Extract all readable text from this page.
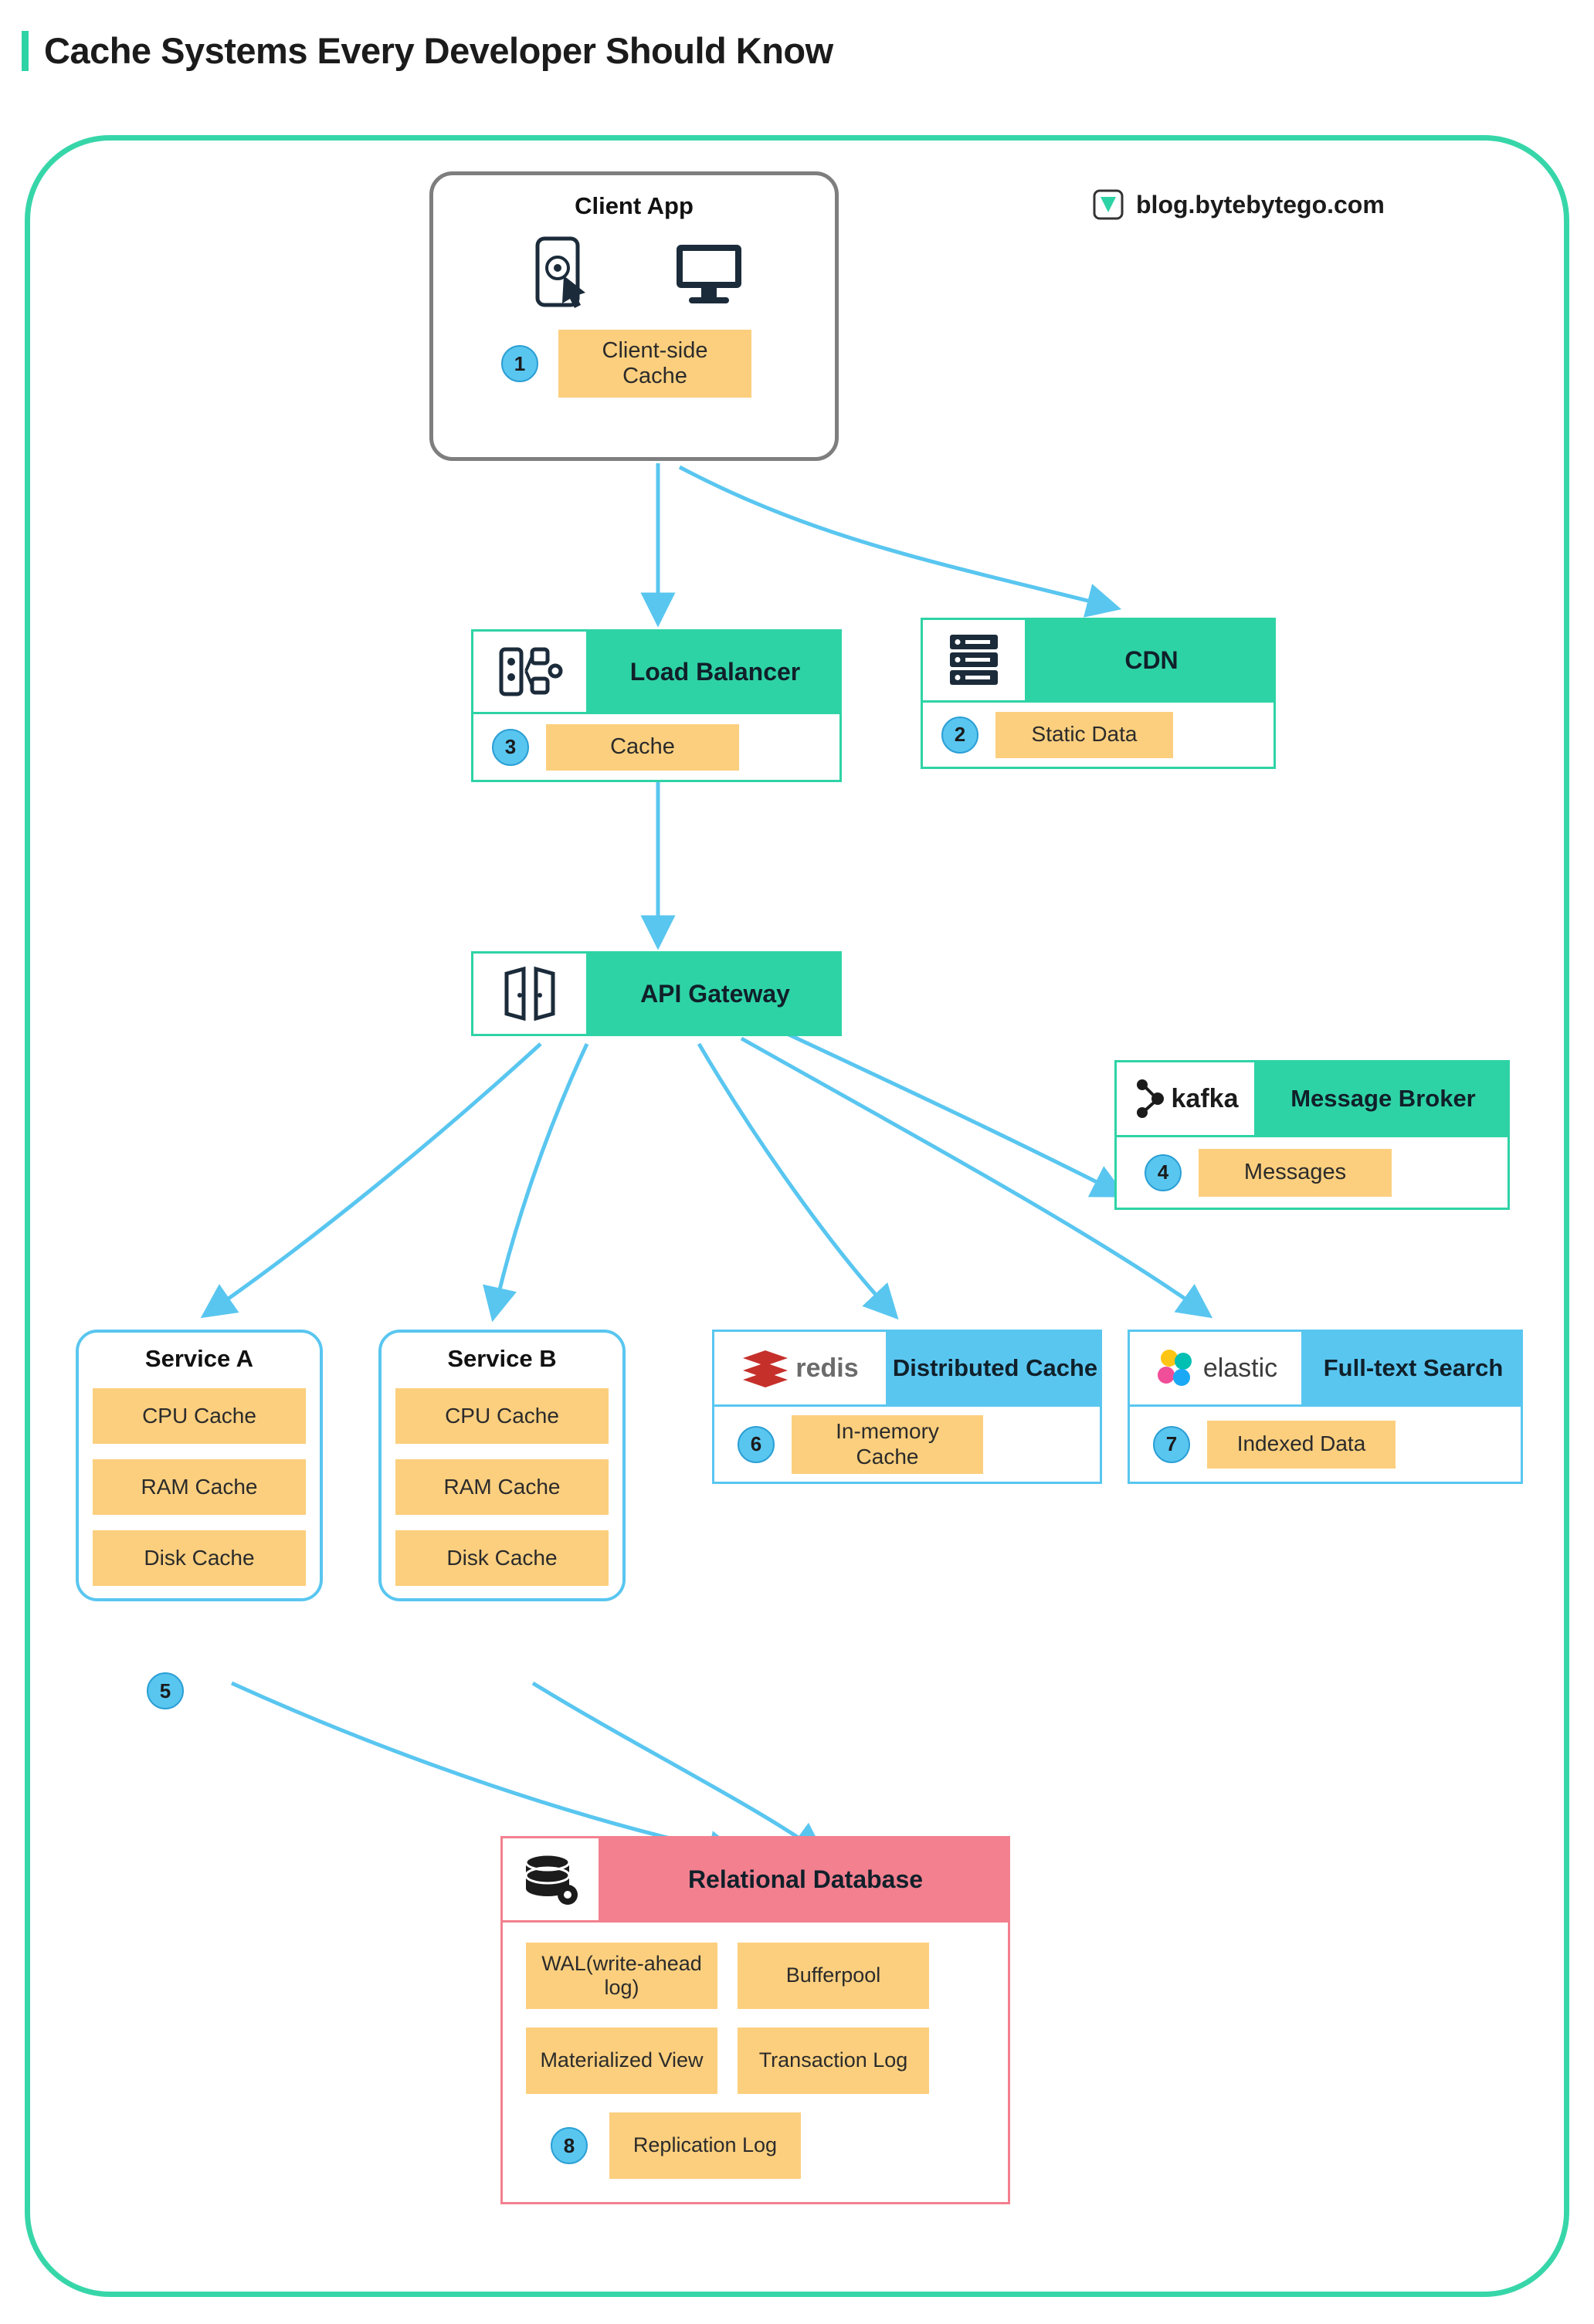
Cache Systems Every Developer Should Know
blog.bytebytego.com
Client App
1
Client-side Cache
Load Balancer
3	Cache
CDN
2	Static Data
API Gateway
kafka	Message Broker
4	Messages
Service A
CPU Cache
RAM Cache
Disk Cache
5
Service B
CPU Cache
RAM Cache
Disk Cache
redis Distributed Cache
6
In-memory Cache
elastic	Full-text Search
7	Indexed Data
Relational Database
WAL(write-ahead log)
Bufferpool
Materialized View	Transaction Log
8	Replication Log
